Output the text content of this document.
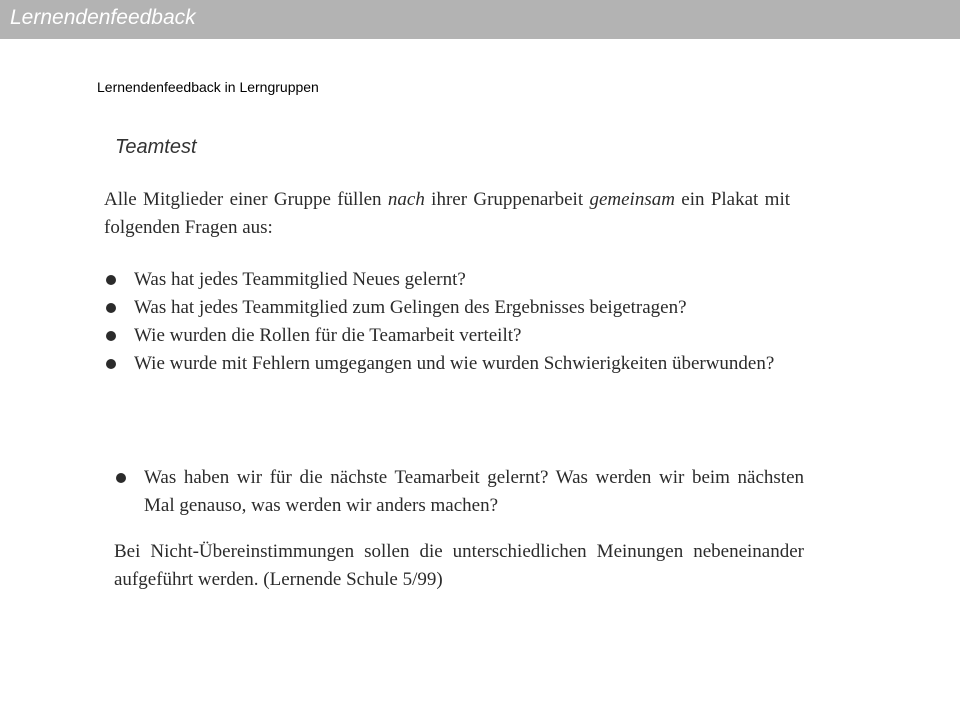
Lernendenfeedback
Lernendenfeedback in Lerngruppen
Teamtest

Alle Mitglieder einer Gruppe füllen nach ihrer Gruppenarbeit gemeinsam ein Plakat mit folgenden Fragen aus:

Was hat jedes Teammitglied Neues gelernt?
Was hat jedes Teammitglied zum Gelingen des Ergebnisses beigetragen?
Wie wurden die Rollen für die Teamarbeit verteilt?
Wie wurde mit Fehlern umgegangen und wie wurden Schwierigkeiten überwunden?
Was haben wir für die nächste Teamarbeit gelernt? Was werden wir beim nächsten Mal genauso, was werden wir anders machen?

Bei Nicht-Übereinstimmungen sollen die unterschiedlichen Meinungen nebeneinander aufgeführt werden. (Lernende Schule 5/99)
